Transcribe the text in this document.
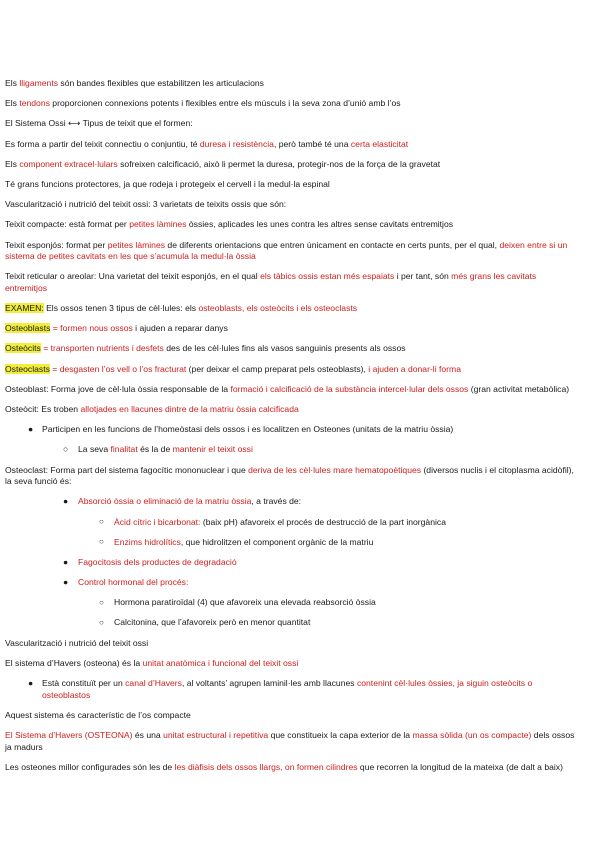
Els lligaments són bandes flexibles que estabilitzen les articulacions

Els tendons proporcionen connexions potents i flexibles entre els músculs i la seva zona d’unió amb l’os

El Sistema Ossi ⟷ Tipus de teixit que el formen:

Es forma a partir del teixit connectiu o conjuntiu, té duresa i resistència, però també té una certa elasticitat

Els component extracel·lulars sofreixen calcificació, això li permet la duresa, protegir-nos de la força de la gravetat

Té grans funcions protectores, ja que rodeja i protegeix el cervell i la medul·la espinal

Vascularització i nutrició del teixit ossi: 3 varietats de teixits ossis que són:

Teixit compacte: està format per petites làmines òssies, aplicades les unes contra les altres sense cavitats entremitjos

Teixit esponjós: format per petites làmines de diferents orientacions que entren únicament en contacte en certs punts, per el qual, deixen entre si un sistema de petites cavitats en les que s’acumula la medul·la òssia

Teixit reticular o areolar: Una varietat del teixit esponjós, en el qual els tàbics ossis estan més espaiats i per tant, són més grans les cavitats entremitjos

EXAMEN: Els ossos tenen 3 tipus de cèl·lules: els osteoblasts, els osteòcits i els osteoclasts

Osteoblasts = formen nous ossos i ajuden a reparar danys

Osteòcits = transporten nutrients i desfets des de les cèl·lules fins als vasos sanguinis presents als ossos

Osteoclasts = desgasten l’os vell o l’os fracturat (per deixar el camp preparat pels osteoblasts), i ajuden a donar-li forma

Osteoblast: Forma jove de cèl·lula òssia responsable de la formació i calcificació de la substància intercel·lular dels ossos (gran activitat metabòlica)

Osteòcit: Es troben allotjades en llacunes dintre de la matriu òssia calcificada

● Participen en les funcions de l’homeòstasi dels ossos i es localitzen en Osteones (unitats de la matriu òssia)

○ La seva finalitat és la de mantenir el teixit ossi

Osteoclast: Forma part del sistema fagocític mononuclear i que deriva de les cèl·lules mare hematopoètiques (diversos nuclis i el citoplasma acidòfil), la seva funció és:

● Absorció òssia o eliminació de la matriu òssia, a través de:

○ Àcid cítric i bicarbonat: (baix pH) afavoreix el procés de destrucció de la part inorgànica

○ Enzims hidrolítics, que hidrolitzen el component orgànic de la matriu

● Fagocitosis dels productes de degradació

● Control hormonal del procés:

○ Hormona paratiroïdal (4) que afavoreix una elevada reabsorció òssia

○ Calcitonina, que l’afavoreix però en menor quantitat

Vascularització i nutrició del teixit ossi

El sistema d’Havers (osteona) és la unitat anatòmica i funcional del teixit ossi

● Està constituït per un canal d’Havers, al voltants’ agrupen laminil·les amb llacunes contenint cèl·lules òssies, ja siguin osteòcits o osteoblastos

Aquest sistema és característic de l’os compacte

El Sistema d’Havers (OSTEONA) és una unitat estructural i repetitiva que constitueix la capa exterior de la massa sòlida (un os compacte) dels ossos ja madurs

Les osteones millor configurades són les de les diàfisis dels ossos llargs, on formen cilindres que recorren la longitud de la mateixa (de dalt a baix)
